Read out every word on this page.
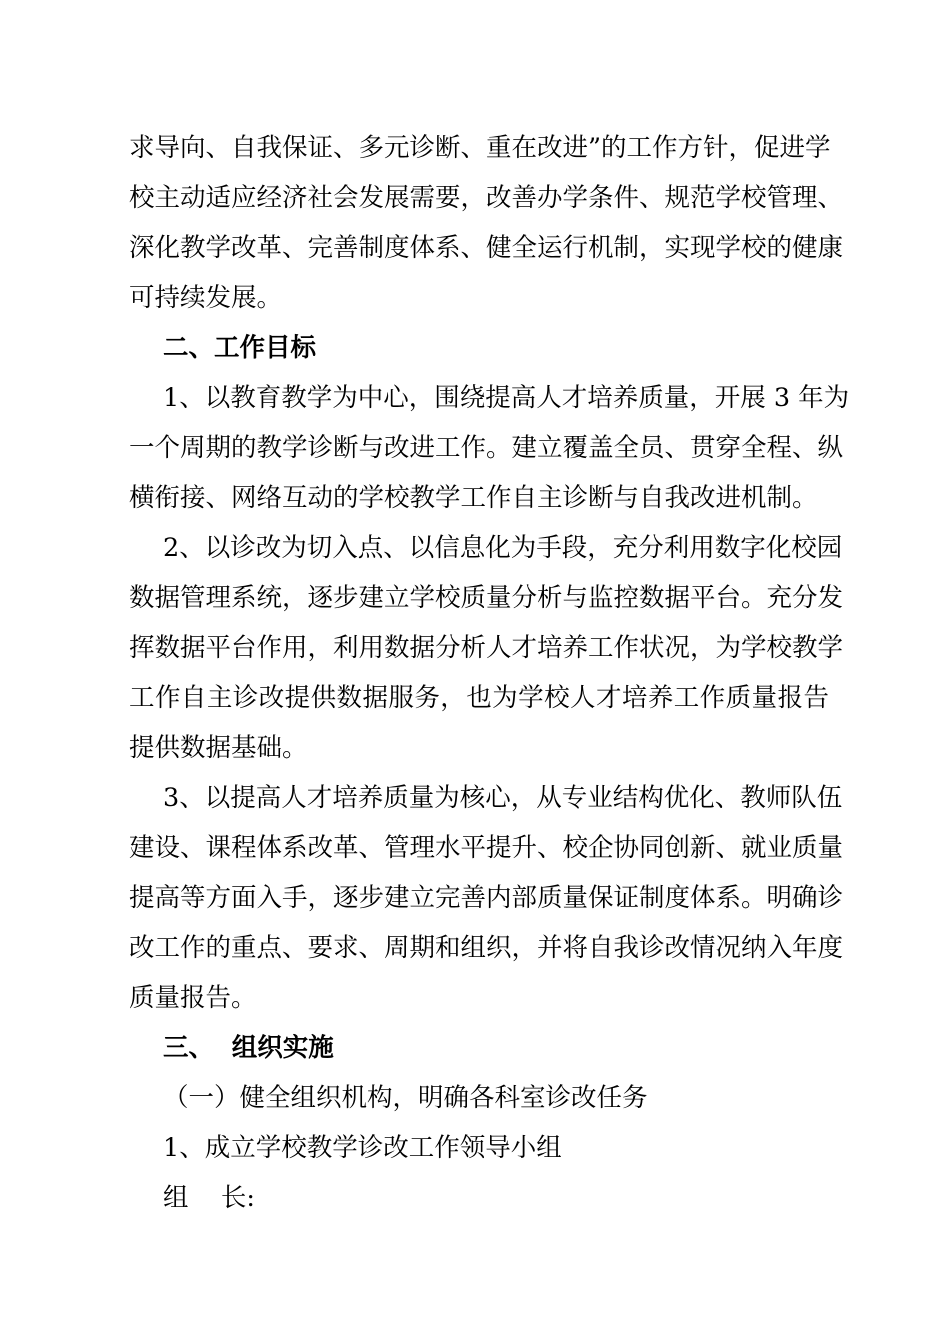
求导向、自我保证、多元诊断、重在改进”的工作方针，促进学
校主动适应经济社会发展需要，改善办学条件、规范学校管理、
深化教学改革、完善制度体系、健全运行机制，实现学校的健康
可持续发展。
二、工作目标
1、以教育教学为中心，围绕提高人才培养质量，开展 3 年为
一个周期的教学诊断与改进工作。建立覆盖全员、贯穿全程、纵
横衔接、网络互动的学校教学工作自主诊断与自我改进机制。
2、以诊改为切入点、以信息化为手段，充分利用数字化校园
数据管理系统，逐步建立学校质量分析与监控数据平台。充分发
挥数据平台作用，利用数据分析人才培养工作状况，为学校教学
工作自主诊改提供数据服务，也为学校人才培养工作质量报告
提供数据基础。
3、以提高人才培养质量为核心，从专业结构优化、教师队伍
建设、课程体系改革、管理水平提升、校企协同创新、就业质量
提高等方面入手，逐步建立完善内部质量保证制度体系。明确诊
改工作的重点、要求、周期和组织，并将自我诊改情况纳入年度
质量报告。
三、  组织实施
（一）健全组织机构，明确各科室诊改任务
1、成立学校教学诊改工作领导小组
组    长:
